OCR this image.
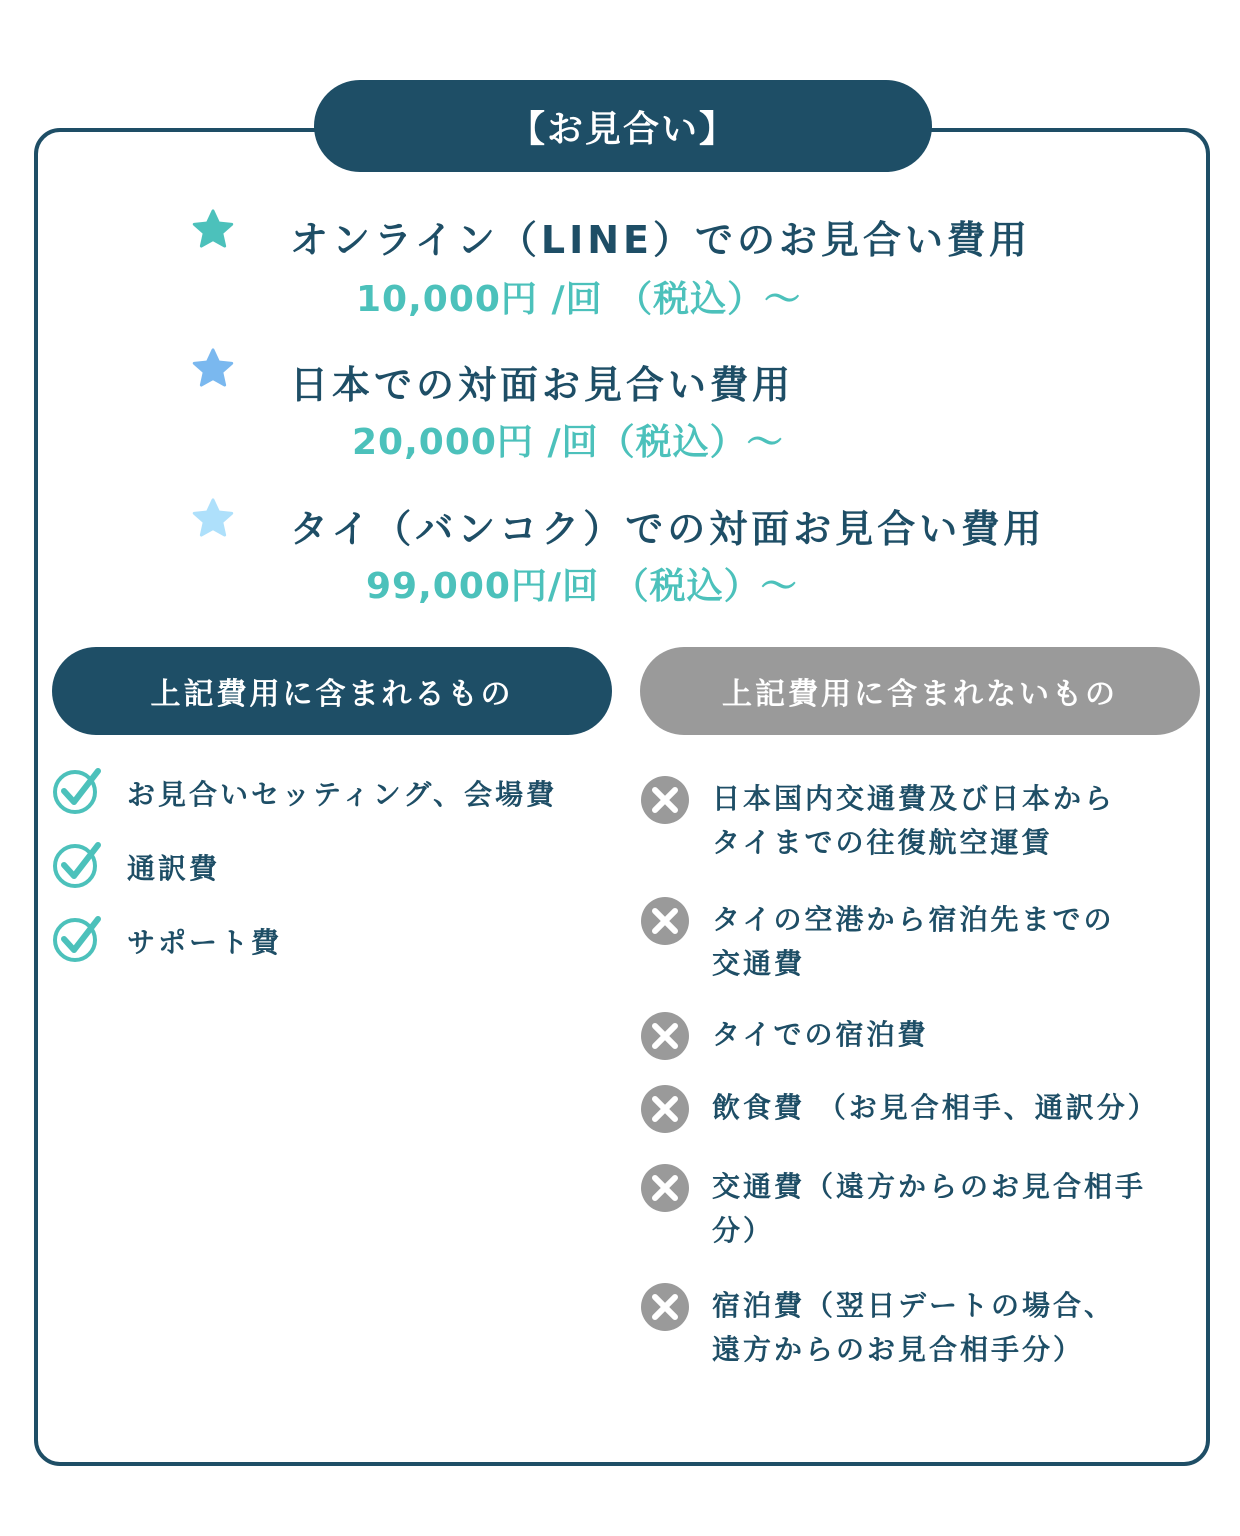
【お見合い】
オンライン（LINE）でのお見合い費用
10,000円 /回 （税込）～
日本での対面お見合い費用
20,000円 /回（税込）～
タイ（バンコク）での対面お見合い費用
99,000円/回 （税込）～
上記費用に含まれるもの	上記費用に含まれないもの
お見合いセッティング、会場費
通訳費
サポート費
日本国内交通費及び日本から
タイまでの往復航空運賃
タイの空港から宿泊先までの
交通費
タイでの宿泊費
飲食費 （お見合相手、通訳分）
交通費（遠方からのお見合相手
分）
宿泊費（翌日デートの場合、
遠方からのお見合相手分）
